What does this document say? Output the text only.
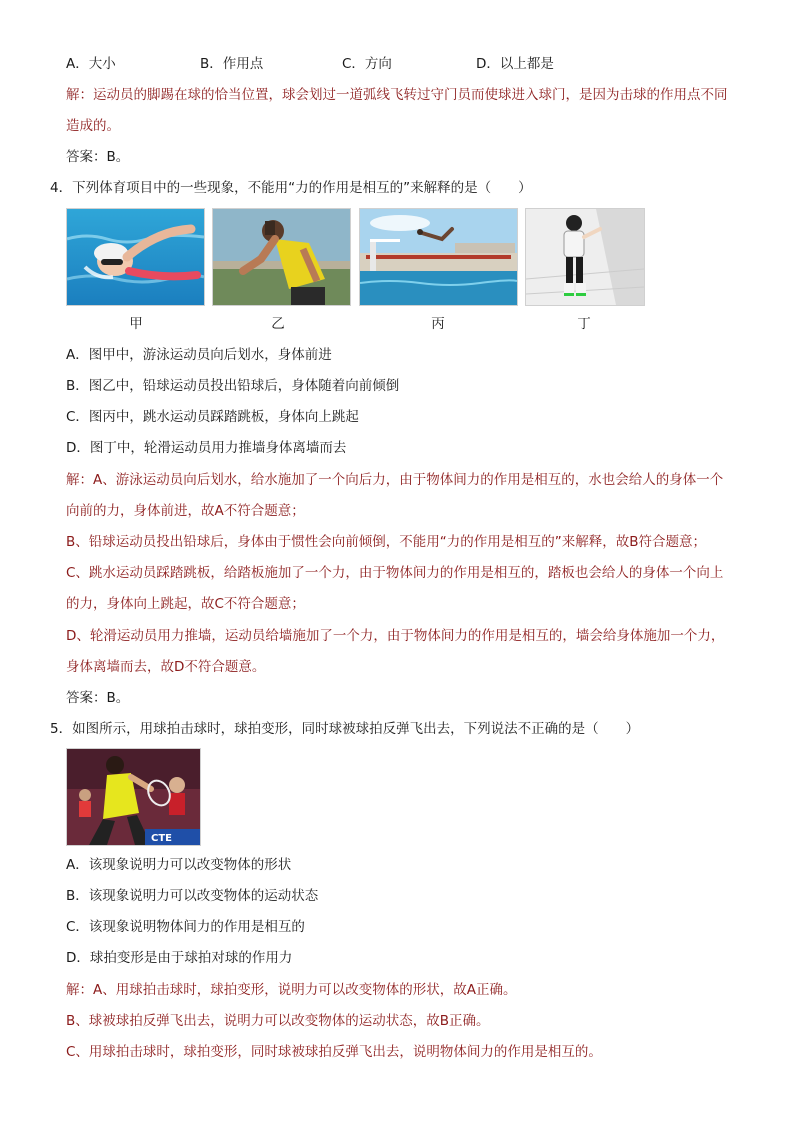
A．大小	B．作用点	C．方向	D．以上都是
解：运动员的脚踢在球的恰当位置，球会划过一道弧线飞转过守门员而使球进入球门，是因为击球的作用点不同
造成的。
答案：B。
4．下列体育项目中的一些现象，不能用“力的作用是相互的”来解释的是（　　）
甲	乙	丙	丁
A．图甲中，游泳运动员向后划水，身体前进
B．图乙中，铅球运动员投出铅球后，身体随着向前倾倒
C．图丙中，跳水运动员踩踏跳板，身体向上跳起
D．图丁中，轮滑运动员用力推墙身体离墙而去
解：A、游泳运动员向后划水，给水施加了一个向后力，由于物体间力的作用是相互的，水也会给人的身体一个
向前的力，身体前进，故A不符合题意；
B、铅球运动员投出铅球后，身体由于惯性会向前倾倒，不能用“力的作用是相互的”来解释，故B符合题意；
C、跳水运动员踩踏跳板，给踏板施加了一个力，由于物体间力的作用是相互的，踏板也会给人的身体一个向上
的力，身体向上跳起，故C不符合题意；
D、轮滑运动员用力推墙，运动员给墙施加了一个力，由于物体间力的作用是相互的，墙会给身体施加一个力，
身体离墙而去，故D不符合题意。
答案：B。
5．如图所示，用球拍击球时，球拍变形，同时球被球拍反弹飞出去，下列说法不正确的是（　　）
CTE
A．该现象说明力可以改变物体的形状
B．该现象说明力可以改变物体的运动状态
C．该现象说明物体间力的作用是相互的
D．球拍变形是由于球拍对球的作用力
解：A、用球拍击球时，球拍变形，说明力可以改变物体的形状，故A正确。
B、球被球拍反弹飞出去，说明力可以改变物体的运动状态，故B正确。
C、用球拍击球时，球拍变形，同时球被球拍反弹飞出去，说明物体间力的作用是相互的。
